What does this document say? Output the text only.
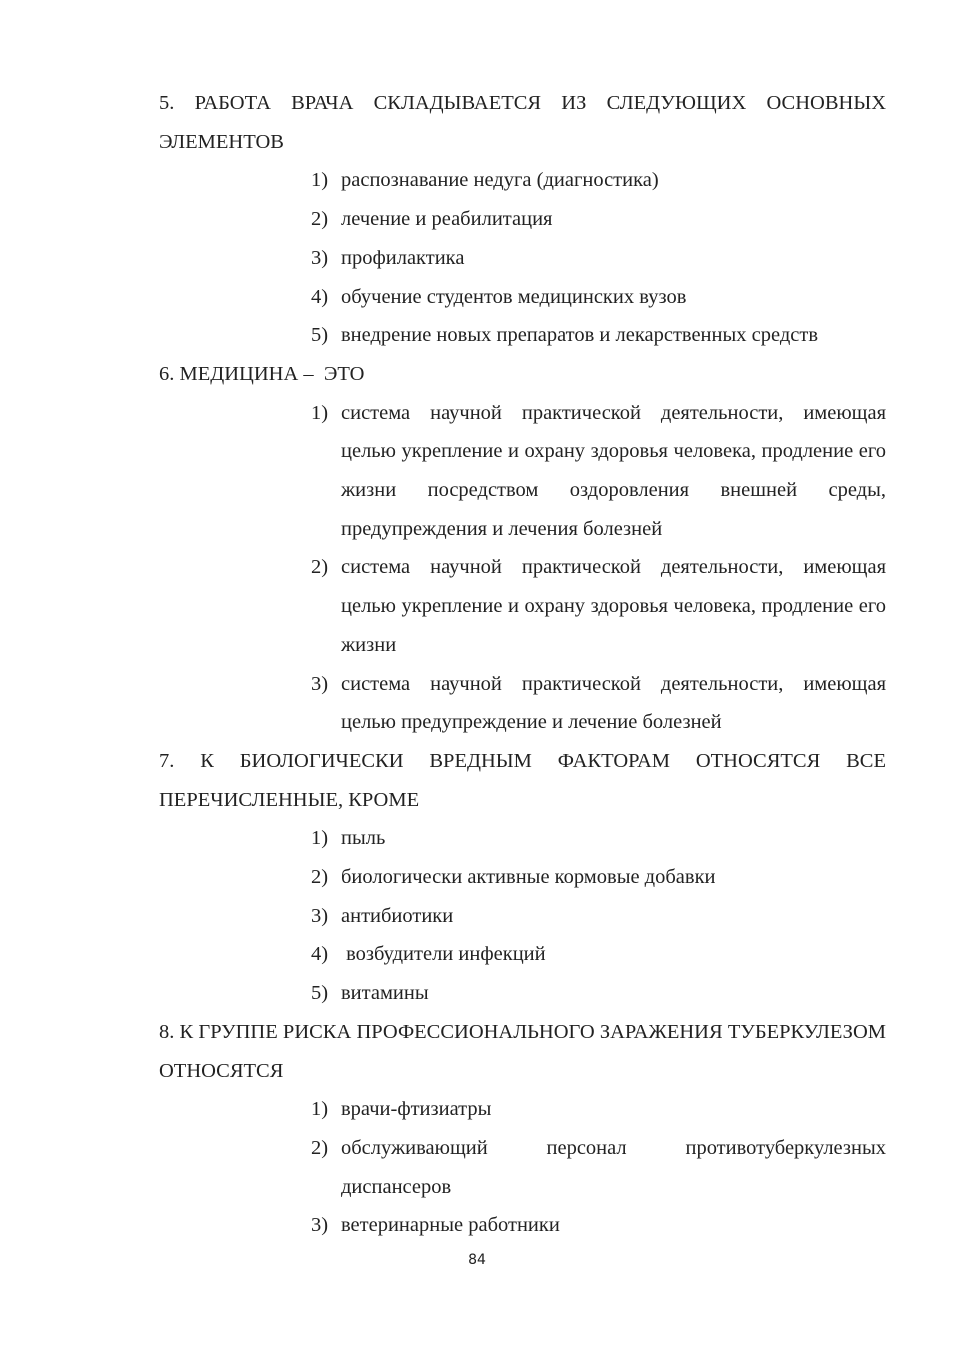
5. РАБОТА ВРАЧА СКЛАДЫВАЕТСЯ ИЗ СЛЕДУЮЩИХ ОСНОВНЫХ ЭЛЕМЕНТОВ
1) распознавание недуга (диагностика)
2) лечение и реабилитация
3) профилактика
4) обучение студентов медицинских вузов
5) внедрение новых препаратов и лекарственных средств
6. МЕДИЦИНА –  ЭТО
1) система научной практической деятельности, имеющая целью укрепление и охрану здоровья человека, продление его жизни посредством оздоровления внешней среды, предупреждения и лечения болезней
2) система научной практической деятельности, имеющая целью укрепление и охрану здоровья человека, продление его жизни
3) система научной практической деятельности, имеющая целью предупреждение и лечение болезней
7. К БИОЛОГИЧЕСКИ ВРЕДНЫМ ФАКТОРАМ ОТНОСЯТСЯ ВСЕ ПЕРЕЧИСЛЕННЫЕ, КРОМЕ
1) пыль
2) биологически активные кормовые добавки
3) антибиотики
4) возбудители инфекций
5) витамины
8. К ГРУППЕ РИСКА ПРОФЕССИОНАЛЬНОГО ЗАРАЖЕНИЯ ТУБЕРКУЛЕЗОМ ОТНОСЯТСЯ
1) врачи-фтизиатры
2) обслуживающий персонал противотуберкулезных диспансеров
3) ветеринарные работники
84
